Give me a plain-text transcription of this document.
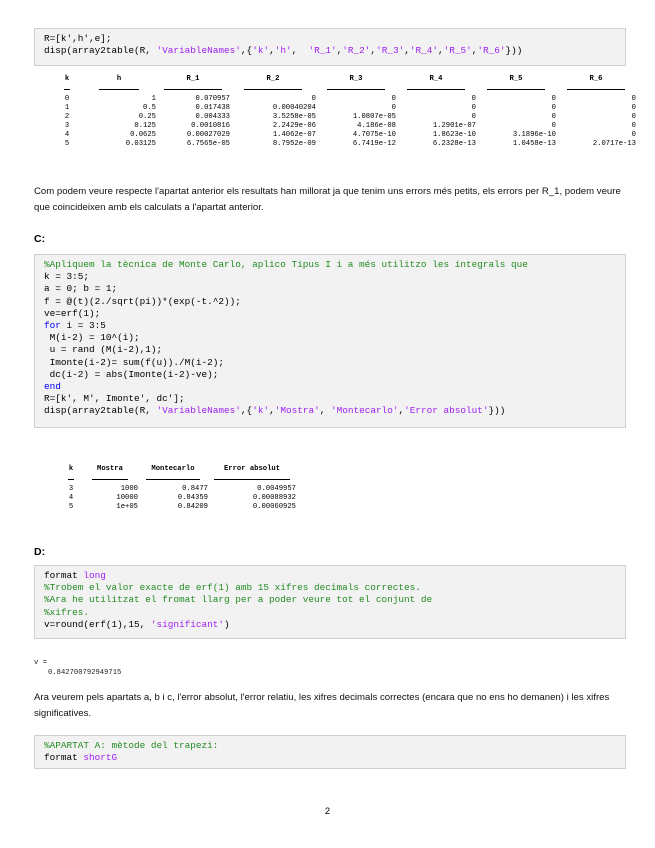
R=[k',h',e];
disp(array2table(R, 'VariableNames',{'k','h',  'R_1','R_2','R_3','R_4','R_5','R_6'}))
k	h	R_1	R_2	R_3	R_4	R_5	R_6

0	1	0.070957	0	0	0	0	0
1	0.5	0.017438	0.00040204	0	0	0	0
2	0.25	0.004333	3.5258e-05	1.0807e-05	0	0	0
3	0.125	0.0010816	2.2429e-06	4.186e-08	1.2901e-07	0	0
4	0.0625	0.00027029	1.4062e-07	4.7075e-10	1.8623e-10	3.1896e-10	0
5	0.03125	6.7565e-05	8.7952e-09	6.7419e-12	6.2328e-13	1.0458e-13	2.0717e-13
Com podem veure respecte l'apartat anterior els resultats han millorat ja que tenim uns errors més petits, els errors per R_1, podem veure que coincideixen amb els calculats a l'apartat anterior.
C:
%Apliquem la tècnica de Monte Carlo, aplico Tipus I i a més utilitzo les integrals que
k = 3:5;
a = 0; b = 1;
f = @(t)(2./sqrt(pi))*(exp(-t.^2));
ve=erf(1);
for i = 3:5
M(i-2) = 10^(i);
u = rand (M(i-2),1);
Imonte(i-2)= sum(f(u))./M(i-2);
dc(i-2) = abs(Imonte(i-2)-ve);
end
R=[k', M', Imonte', dc'];
disp(array2table(R, 'VariableNames',{'k','Mostra', 'Montecarlo','Error absolut'}))
k	Mostra	Montecarlo	Error absolut

3	1000	0.8477	0.0049957
4	10000	0.84359	0.00088932
5	1e+05	0.84209	0.00060925
D:
format long
%Trobem el valor exacte de erf(1) amb 15 xifres decimals correctes.
%Ara he utilitzat el fromat llarg per a poder veure tot el conjunt de
%xifres.
v=round(erf(1),15, 'significant')
v =
0.842700792949715
Ara veurem pels apartats a, b i c, l'error absolut, l'error relatiu, les xifres decimals correctes (encara que no ens ho demanen) i les xifres significatives.
%APARTAT A: mètode del trapezi:
format shortG
2
